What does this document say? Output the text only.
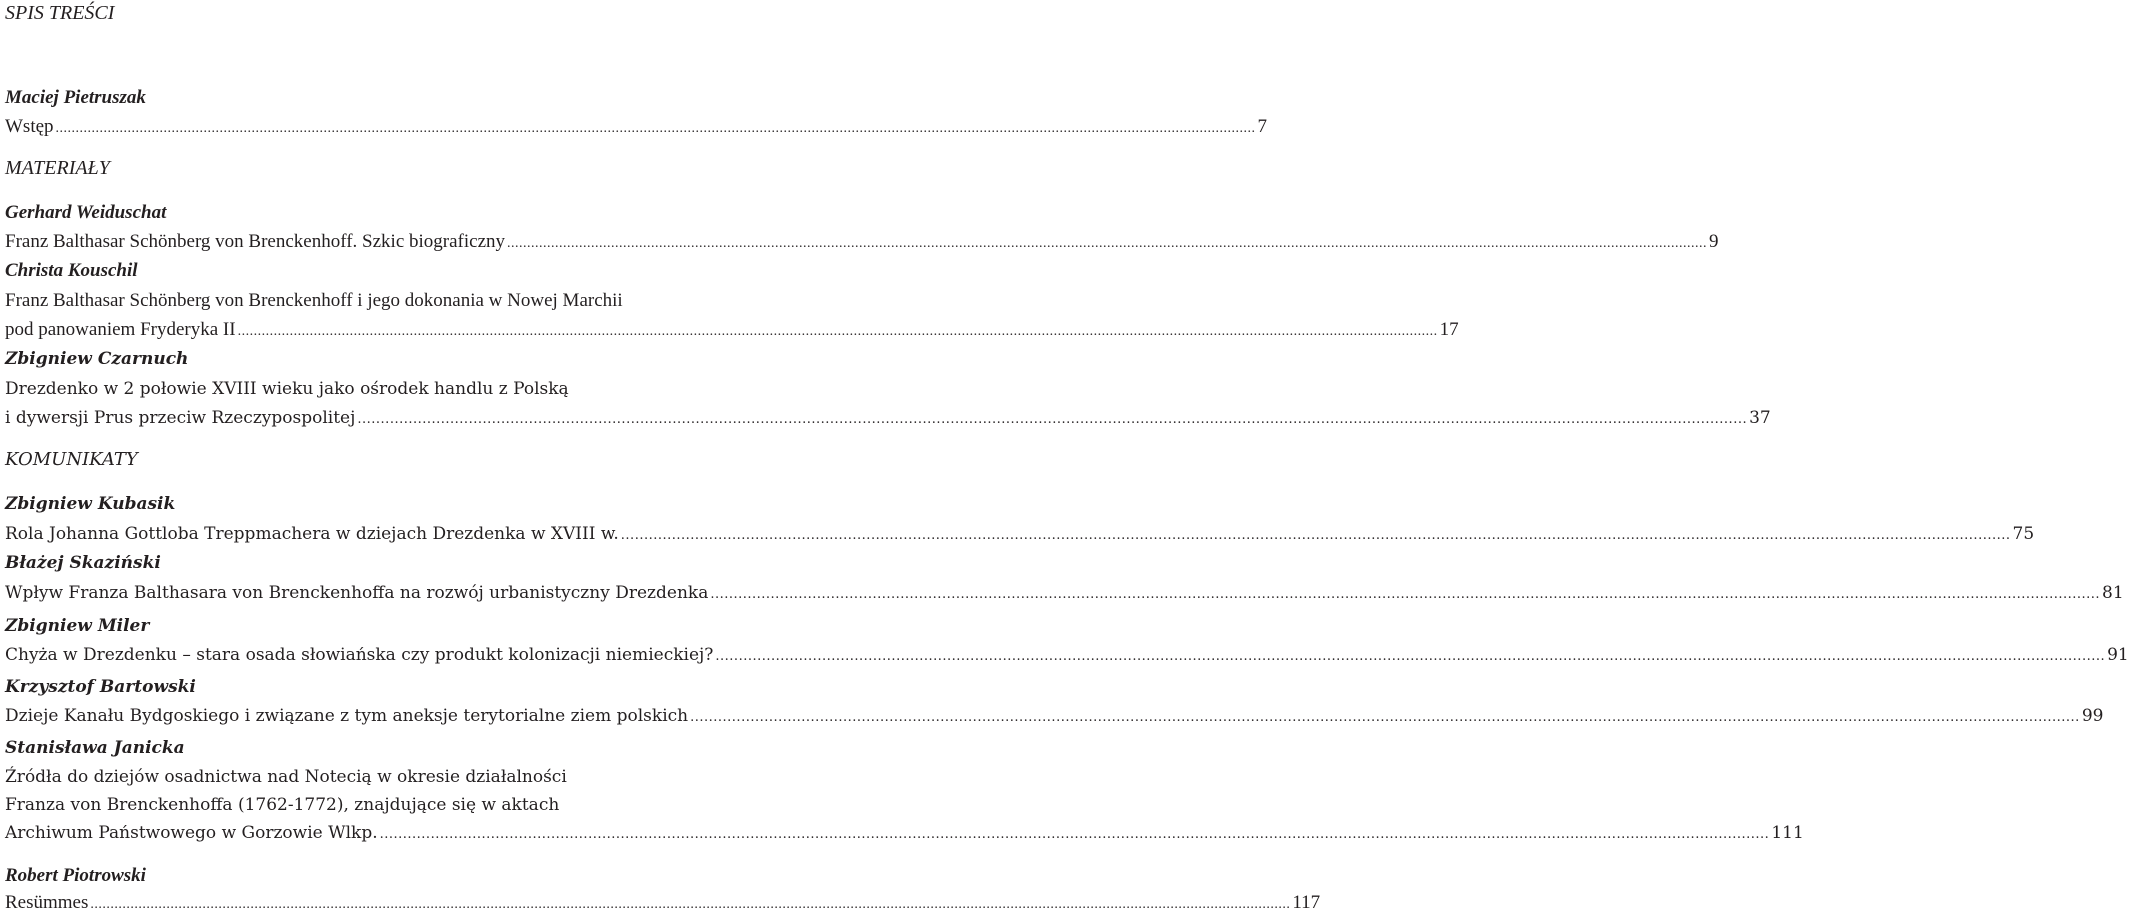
SPIS TREŚCI
Maciej Pietruszak
Wstęp ............................................................................................................................................................................................................................................................................................................ 7
MATERIAŁY
Gerhard Weiduschat
Franz Balthasar Schönberg von Brenckenhoff. Szkic biograficzny ............................................................................................................................................................................................................................................................................................................ 9
Christa Kouschil
Franz Balthasar Schönberg von Brenckenhoff i jego dokonania w Nowej Marchii
pod panowaniem Fryderyka II ............................................................................................................................................................................................................................................................................................................ 17
Zbigniew Czarnuch
Drezdenko w 2 połowie XVIII wieku jako ośrodek handlu z Polską
i dywersji Prus przeciw Rzeczypospolitej ............................................................................................................................................................................................................................................................................................................ 37
KOMUNIKATY
Zbigniew Kubasik
Rola Johanna Gottloba Treppmachera w dziejach Drezdenka w XVIII w. ............................................................................................................................................................................................................................................................................................................ 75
Błażej Skaziński
Wpływ Franza Balthasara von Brenckenhoffa na rozwój urbanistyczny Drezdenka ............................................................................................................................................................................................................................................................................................................ 81
Zbigniew Miler
Chyża w Drezdenku – stara osada słowiańska czy produkt kolonizacji niemieckiej? ............................................................................................................................................................................................................................................................................................................ 91
Krzysztof Bartowski
Dzieje Kanału Bydgoskiego i związane z tym aneksje terytorialne ziem polskich ............................................................................................................................................................................................................................................................................................................ 99
Stanisława Janicka
Źródła do dziejów osadnictwa nad Notecią w okresie działalności
Franza von Brenckenhoffa (1762-1772), znajdujące się w aktach
Archiwum Państwowego w Gorzowie Wlkp. ............................................................................................................................................................................................................................................................................................................ 111
Robert Piotrowski
Resümmes ............................................................................................................................................................................................................................................................................................................ 117
